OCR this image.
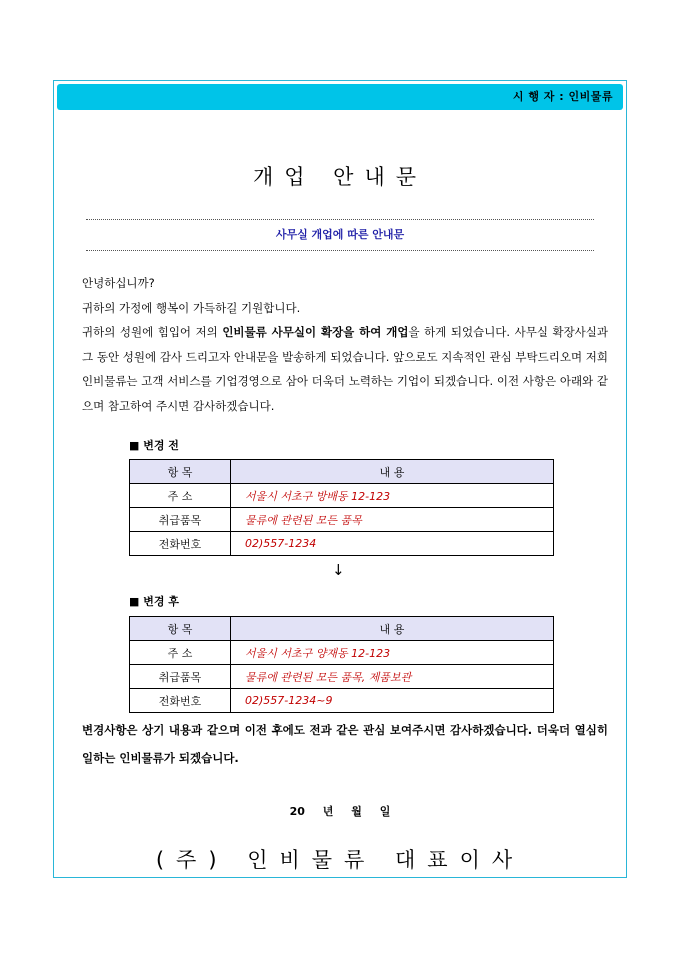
시 행 자 : 인비물류
개업 안내문
사무실 개업에 따른 안내문

안녕하십니까?

귀하의 가정에 행복이 가득하길 기원합니다.

귀하의 성원에 힘입어 저의 인비물류 사무실이 확장을 하여 개업을 하게 되었습니다. 사무실 확장사실과 그 동안 성원에 감사 드리고자 안내문을 발송하게 되었습니다. 앞으로도 지속적인 관심 부탁드리오며 저희 인비물류는 고객 서비스를 기업경영으로 삼아 더욱더 노력하는 기업이 되겠습니다. 이전 사항은 아래와 같으며 참고하여 주시면 감사하겠습니다.

■ 변경 전
항 목	내 용
주 소	서울시 서초구 방배동 12-123
취급품목	물류에 관련된 모든 품목
전화번호	02)557-1234
↓
■ 변경 후
항 목	내 용
주 소	서울시 서초구 양재동 12-123
취급품목	물류에 관련된 모든 품목, 제품보관
전화번호	02)557-1234~9
변경사항은 상기 내용과 같으며 이전 후에도 전과 같은 관심 보여주시면 감사하겠습니다. 더욱더 열심히 일하는 인비물류가 되겠습니다.
20 년 월 일
(주) 인비물류 대표이사
